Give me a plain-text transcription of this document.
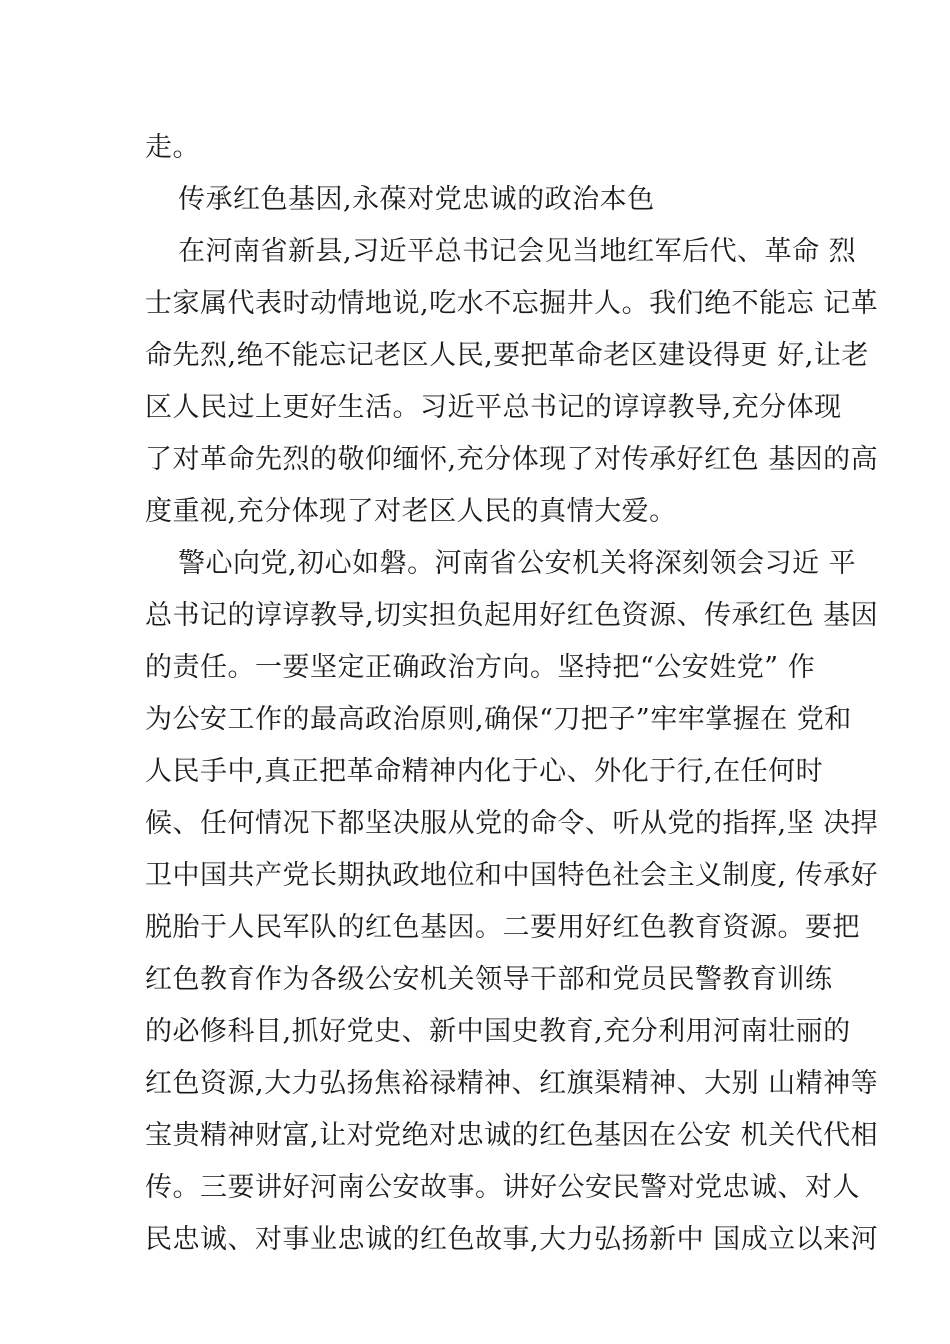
走。
传承红色基因,永葆对党忠诚的政治本色
在河南省新县,习近平总书记会见当地红军后代、革命 烈
士家属代表时动情地说,吃水不忘掘井人。我们绝不能忘 记革
命先烈,绝不能忘记老区人民,要把革命老区建设得更 好,让老
区人民过上更好生活。习近平总书记的谆谆教导,充分体现
了对革命先烈的敬仰缅怀,充分体现了对传承好红色 基因的高
度重视,充分体现了对老区人民的真情大爱。
警心向党,初心如磐。河南省公安机关将深刻领会习近 平
总书记的谆谆教导,切实担负起用好红色资源、传承红色 基因
的责任。一要坚定正确政治方向。坚持把“公安姓党” 作
为公安工作的最高政治原则,确保“刀把子”牢牢掌握在 党和
人民手中,真正把革命精神内化于心、外化于行,在任何时
候、任何情况下都坚决服从党的命令、听从党的指挥,坚 决捍
卫中国共产党长期执政地位和中国特色社会主义制度, 传承好
脱胎于人民军队的红色基因。二要用好红色教育资源。要把
红色教育作为各级公安机关领导干部和党员民警教育训练
的必修科目,抓好党史、新中国史教育,充分利用河南壮丽的
红色资源,大力弘扬焦裕禄精神、红旗渠精神、大别 山精神等
宝贵精神财富,让对党绝对忠诚的红色基因在公安 机关代代相
传。三要讲好河南公安故事。讲好公安民警对党忠诚、对人
民忠诚、对事业忠诚的红色故事,大力弘扬新中 国成立以来河
